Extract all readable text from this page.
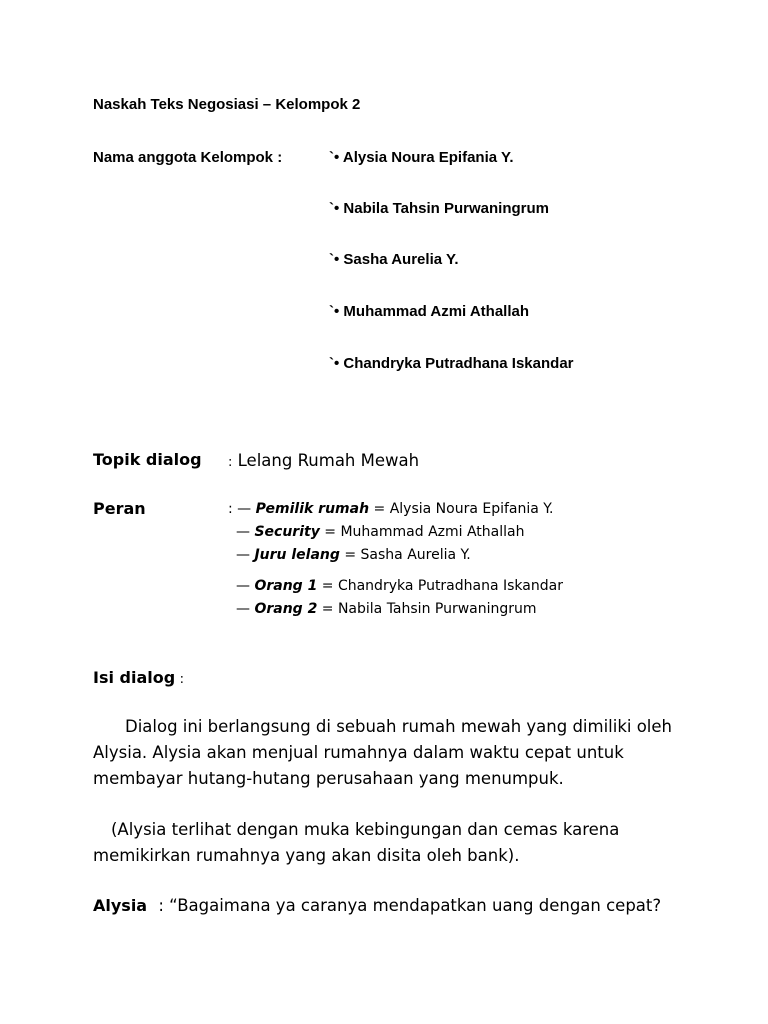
Naskah Teks Negosiasi – Kelompok 2
Nama anggota Kelompok :	`• Alysia Noura Epifania Y.
`• Nabila Tahsin Purwaningrum
`• Sasha Aurelia Y.
`• Muhammad Azmi Athallah
`• Chandryka Putradhana Iskandar
Topik dialog : Lelang Rumah Mewah
Peran	: — Pemilik rumah = Alysia Noura Epifania Y.
— Security = Muhammad Azmi Athallah
— Juru lelang = Sasha Aurelia Y.
— Orang 1 = Chandryka Putradhana Iskandar
— Orang 2 = Nabila Tahsin Purwaningrum
Isi dialog :
Dialog ini berlangsung di sebuah rumah mewah yang dimiliki oleh Alysia. Alysia akan menjual rumahnya dalam waktu cepat untuk membayar hutang-hutang perusahaan yang menumpuk.
(Alysia terlihat dengan muka kebingungan dan cemas karena memikirkan rumahnya yang akan disita oleh bank).
Alysia : “Bagaimana ya caranya mendapatkan uang dengan cepat?
